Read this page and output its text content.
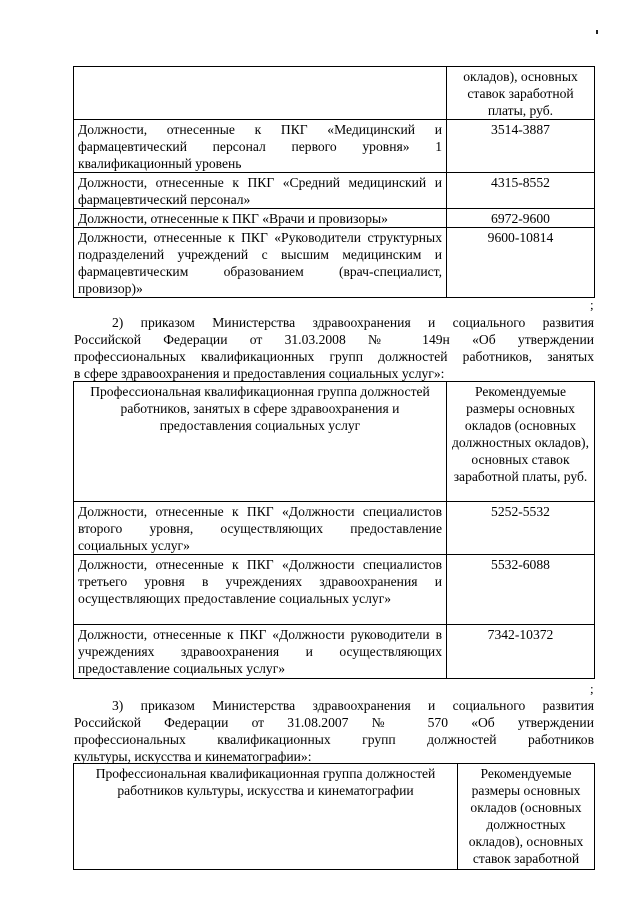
	окладов), основных ставок заработной платы, руб.
Должности, отнесенные к ПКГ «Медицинский и фармацевтический персонал первого уровня» 1 квалификационный уровень	3514-3887
Должности, отнесенные к ПКГ «Средний медицинский и фармацевтический персонал»	4315-8552
Должности, отнесенные к ПКГ «Врачи и провизоры»	6972-9600
Должности, отнесенные к ПКГ «Руководители структурных подразделений учреждений с высшим медицинским и фармацевтическим образованием (врач-специалист, провизор)»	9600-10814
;
2) приказом Министерства здравоохранения и социального развития
Российской Федерации от 31.03.2008 № 149н «Об утверждении
профессиональных квалификационных групп должностей работников, занятых
в сфере здравоохранения и предоставления социальных услуг»:
Профессиональная квалификационная группа должностей работников, занятых в сфере здравоохранения и предоставления социальных услуг	Рекомендуемые размеры основных окладов (основных должностных окладов), основных ставок заработной платы, руб.
Должности, отнесенные к ПКГ «Должности специалистов второго уровня, осуществляющих предоставление социальных услуг»	5252-5532
Должности, отнесенные к ПКГ «Должности специалистов третьего уровня в учреждениях здравоохранения и осуществляющих предоставление социальных услуг»	5532-6088
Должности, отнесенные к ПКГ «Должности руководители в учреждениях здравоохранения и осуществляющих предоставление социальных услуг»	7342-10372
;
3) приказом Министерства здравоохранения и социального развития
Российской Федерации от 31.08.2007 № 570 «Об утверждении
профессиональных квалификационных групп должностей работников
культуры, искусства и кинематографии»:
Профессиональная квалификационная группа должностей работников культуры, искусства и кинематографии	Рекомендуемые размеры основных окладов (основных должностных окладов), основных ставок заработной
